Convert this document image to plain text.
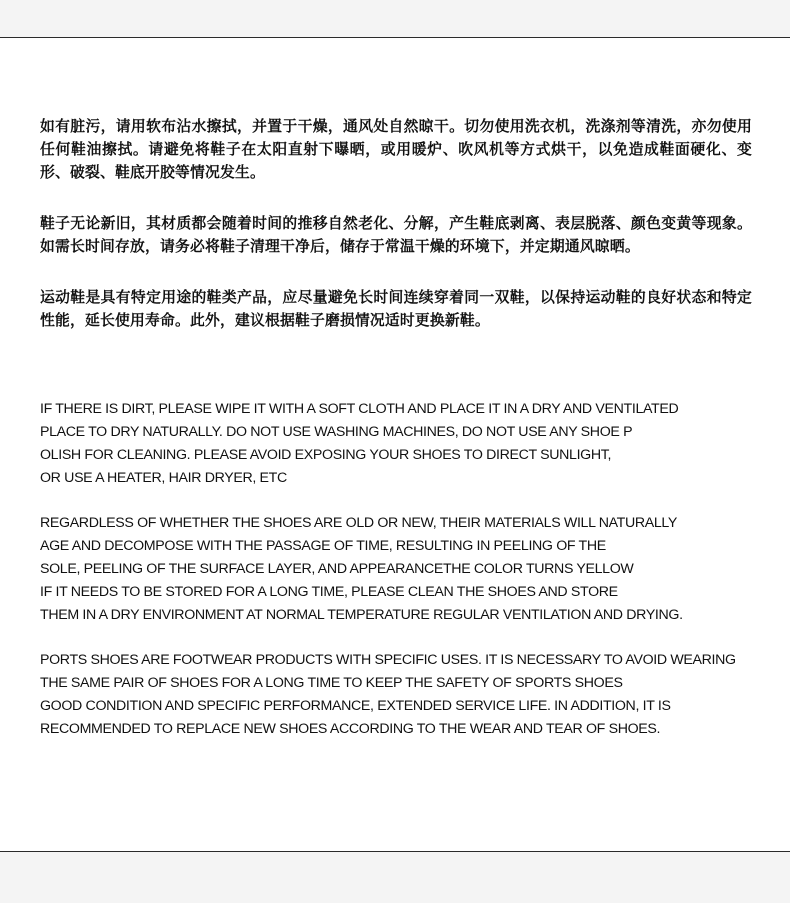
如有脏污，请用软布沾水擦拭，并置于干燥，通风处自然晾干。切勿使用洗衣机，洗涤剂等清洗，亦勿使用任何鞋油擦拭。请避免将鞋子在太阳直射下曝晒，或用暖炉、吹风机等方式烘干，以免造成鞋面硬化、变形、破裂、鞋底开胶等情况发生。

鞋子无论新旧，其材质都会随着时间的推移自然老化、分解，产生鞋底剥离、表层脱落、颜色变黄等现象。如需长时间存放，请务必将鞋子清理干净后，储存于常温干燥的环境下，并定期通风晾晒。

运动鞋是具有特定用途的鞋类产品，应尽量避免长时间连续穿着同一双鞋，以保持运动鞋的良好状态和特定性能，延长使用寿命。此外，建议根据鞋子磨损情况适时更换新鞋。

IF THERE IS DIRT, PLEASE WIPE IT WITH A SOFT CLOTH AND PLACE IT IN A DRY AND VENTILATED
PLACE TO DRY NATURALLY. DO NOT USE WASHING MACHINES, DO NOT USE ANY SHOE P
OLISH FOR CLEANING. PLEASE AVOID EXPOSING YOUR SHOES TO DIRECT SUNLIGHT,
OR USE A HEATER, HAIR DRYER, ETC

REGARDLESS OF WHETHER THE SHOES ARE OLD OR NEW, THEIR MATERIALS WILL NATURALLY
AGE AND DECOMPOSE WITH THE PASSAGE OF TIME, RESULTING IN PEELING OF THE
SOLE, PEELING OF THE SURFACE LAYER, AND APPEARANCETHE COLOR TURNS YELLOW
IF IT NEEDS TO BE STORED FOR A LONG TIME, PLEASE CLEAN THE SHOES AND STORE
THEM IN A DRY ENVIRONMENT AT NORMAL TEMPERATURE REGULAR VENTILATION AND DRYING.

PORTS SHOES ARE FOOTWEAR PRODUCTS WITH SPECIFIC USES. IT IS NECESSARY TO AVOID WEARING
THE SAME PAIR OF SHOES FOR A LONG TIME TO KEEP THE SAFETY OF SPORTS SHOES
GOOD CONDITION AND SPECIFIC PERFORMANCE, EXTENDED SERVICE LIFE. IN ADDITION, IT IS
RECOMMENDED TO REPLACE NEW SHOES ACCORDING TO THE WEAR AND TEAR OF SHOES.
